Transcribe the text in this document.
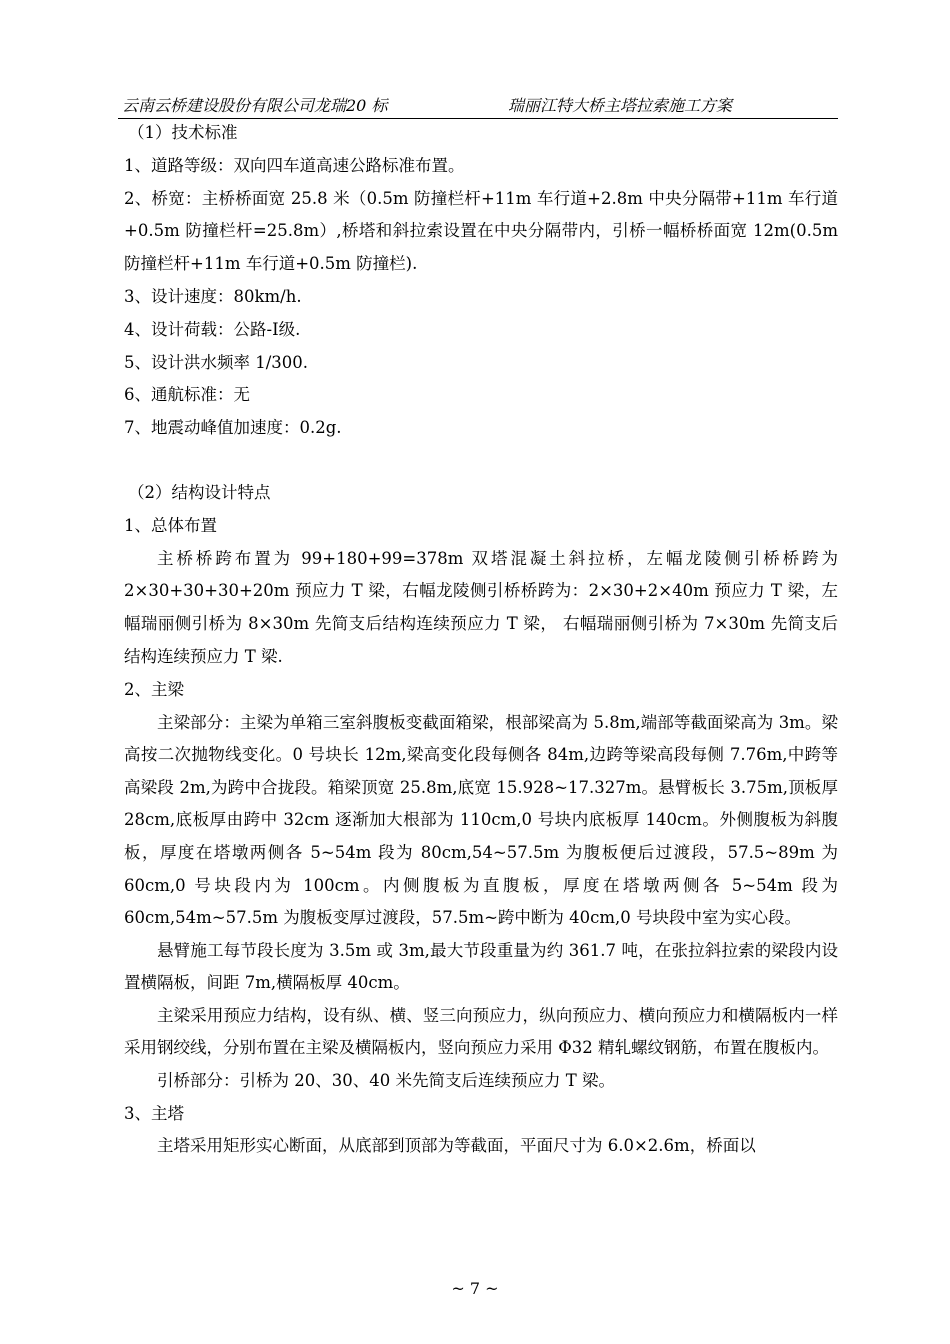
云南云桥建设股份有限公司龙瑞20 标	瑞丽江特大桥主塔拉索施工方案

（1）技术标准

1、道路等级：双向四车道高速公路标准布置。

2、桥宽：主桥桥面宽 25.8 米（0.5m 防撞栏杆+11m 车行道+2.8m 中央分隔带+11m 车行道+0.5m 防撞栏杆=25.8m）,桥塔和斜拉索设置在中央分隔带内，引桥一幅桥桥面宽 12m(0.5m 防撞栏杆+11m 车行道+0.5m 防撞栏).

3、设计速度：80km/h.

4、设计荷载：公路-Ⅰ级.

5、设计洪水频率 1/300.

6、通航标准：无

7、地震动峰值加速度：0.2g.

（2）结构设计特点

1、总体布置

主桥桥跨布置为 99+180+99=378m 双塔混凝土斜拉桥，左幅龙陵侧引桥桥跨为 2×30+30+30+20m 预应力 T 梁，右幅龙陵侧引桥桥跨为：2×30+2×40m 预应力 T 梁，左幅瑞丽侧引桥为 8×30m 先简支后结构连续预应力 T 梁， 右幅瑞丽侧引桥为 7×30m 先简支后结构连续预应力 T 梁.

2、主梁

主梁部分：主梁为单箱三室斜腹板变截面箱梁，根部梁高为 5.8m,端部等截面梁高为 3m。梁高按二次抛物线变化。0 号块长 12m,梁高变化段每侧各 84m,边跨等梁高段每侧 7.76m,中跨等高梁段 2m,为跨中合拢段。箱梁顶宽 25.8m,底宽 15.928~17.327m。悬臂板长 3.75m,顶板厚 28cm,底板厚由跨中 32cm 逐渐加大根部为 110cm,0 号块内底板厚 140cm。外侧腹板为斜腹板，厚度在塔墩两侧各 5~54m 段为 80cm,54~57.5m 为腹板便后过渡段，57.5~89m 为 60cm,0 号块段内为 100cm。内侧腹板为直腹板，厚度在塔墩两侧各 5~54m 段为 60cm,54m~57.5m 为腹板变厚过渡段，57.5m~跨中断为 40cm,0 号块段中室为实心段。

悬臂施工每节段长度为 3.5m 或 3m,最大节段重量为约 361.7 吨，在张拉斜拉索的梁段内设置横隔板，间距 7m,横隔板厚 40cm。

主梁采用预应力结构，设有纵、横、竖三向预应力，纵向预应力、横向预应力和横隔板内一样采用钢绞线，分别布置在主梁及横隔板内，竖向预应力采用 Φ32 精轧螺纹钢筋，布置在腹板内。

引桥部分：引桥为 20、30、40 米先简支后连续预应力 T 梁。

3、主塔

主塔采用矩形实心断面，从底部到顶部为等截面，平面尺寸为 6.0×2.6m，桥面以

~ 7 ~
